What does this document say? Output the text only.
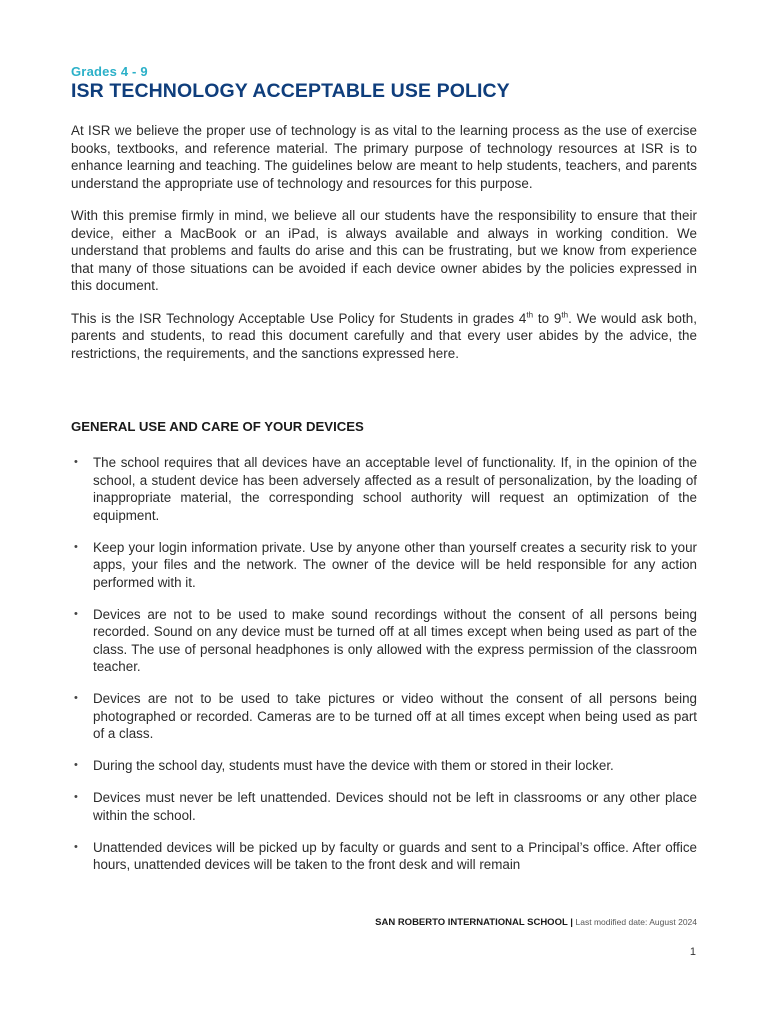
Grades 4 - 9
ISR TECHNOLOGY ACCEPTABLE USE POLICY

At ISR we believe the proper use of technology is as vital to the learning process as the use of exercise books, textbooks, and reference material. The primary purpose of technology resources at ISR is to enhance learning and teaching. The guidelines below are meant to help students, teachers, and parents understand the appropriate use of technology and resources for this purpose.

With this premise firmly in mind, we believe all our students have the responsibility to ensure that their device, either a MacBook or an iPad, is always available and always in working condition. We understand that problems and faults do arise and this can be frustrating, but we know from experience that many of those situations can be avoided if each device owner abides by the policies expressed in this document.

This is the ISR Technology Acceptable Use Policy for Students in grades 4th to 9th. We would ask both, parents and students, to read this document carefully and that every user abides by the advice, the restrictions, the requirements, and the sanctions expressed here.

GENERAL USE AND CARE OF YOUR DEVICES
• The school requires that all devices have an acceptable level of functionality. If, in the opinion of the school, a student device has been adversely affected as a result of personalization, by the loading of inappropriate material, the corresponding school authority will request an optimization of the equipment.
• Keep your login information private. Use by anyone other than yourself creates a security risk to your apps, your files and the network. The owner of the device will be held responsible for any action performed with it.
• Devices are not to be used to make sound recordings without the consent of all persons being recorded. Sound on any device must be turned off at all times except when being used as part of the class. The use of personal headphones is only allowed with the express permission of the classroom teacher.
• Devices are not to be used to take pictures or video without the consent of all persons being photographed or recorded. Cameras are to be turned off at all times except when being used as part of a class.
• During the school day, students must have the device with them or stored in their locker.
• Devices must never be left unattended. Devices should not be left in classrooms or any other place within the school.
• Unattended devices will be picked up by faculty or guards and sent to a Principal’s office. After office hours, unattended devices will be taken to the front desk and will remain
SAN ROBERTO INTERNATIONAL SCHOOL | Last modified date: August 2024
1
